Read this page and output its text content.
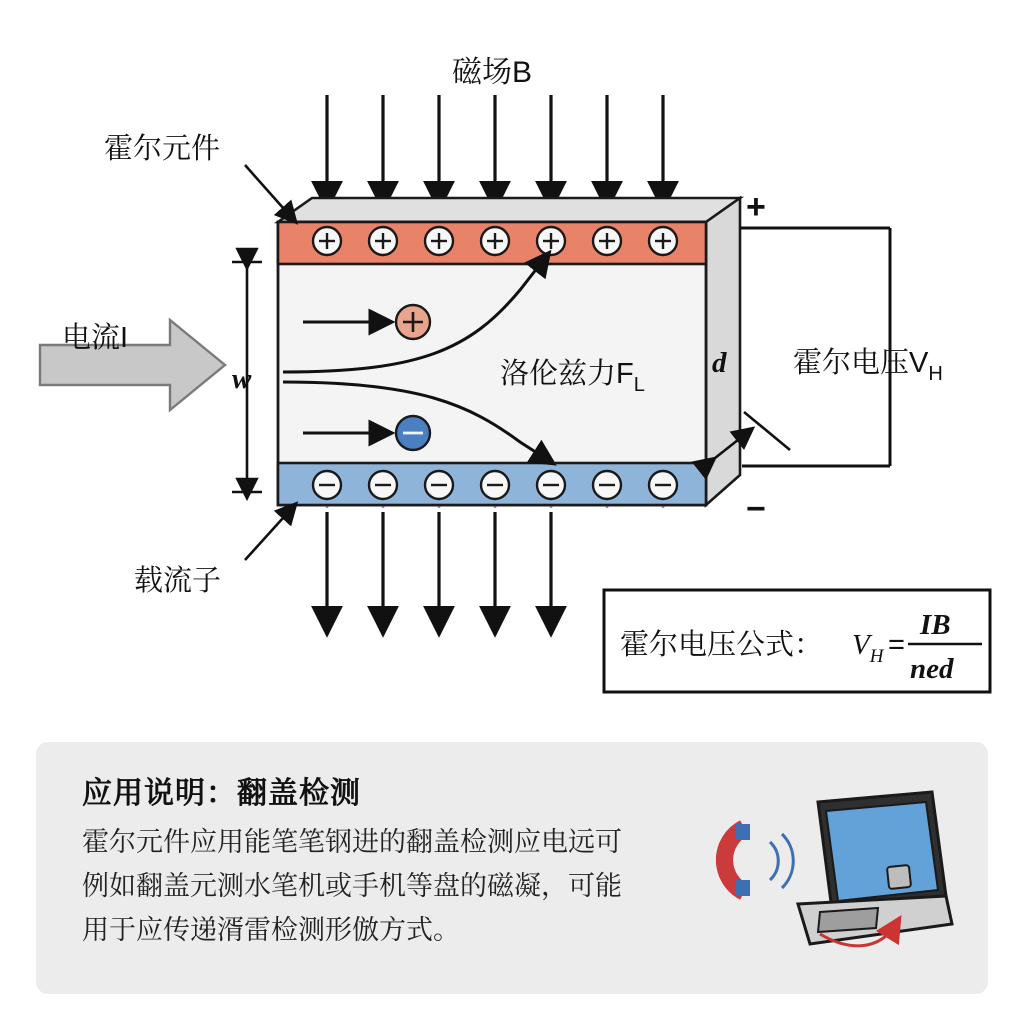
磁场B
霍尔元件
载流子
电流I
洛伦兹力$F_L$
霍尔电压$V_H$
w	d
+
−
霍尔电压公式： $V_H$ =
IB
ned
应用说明：翻盖检测
霍尔元件应用能笔笔钢进的翻盖检测应电远可
例如翻盖元测水笔机或手机等盘的磁凝，可能
用于应传递湑雷检测形倣方式。
